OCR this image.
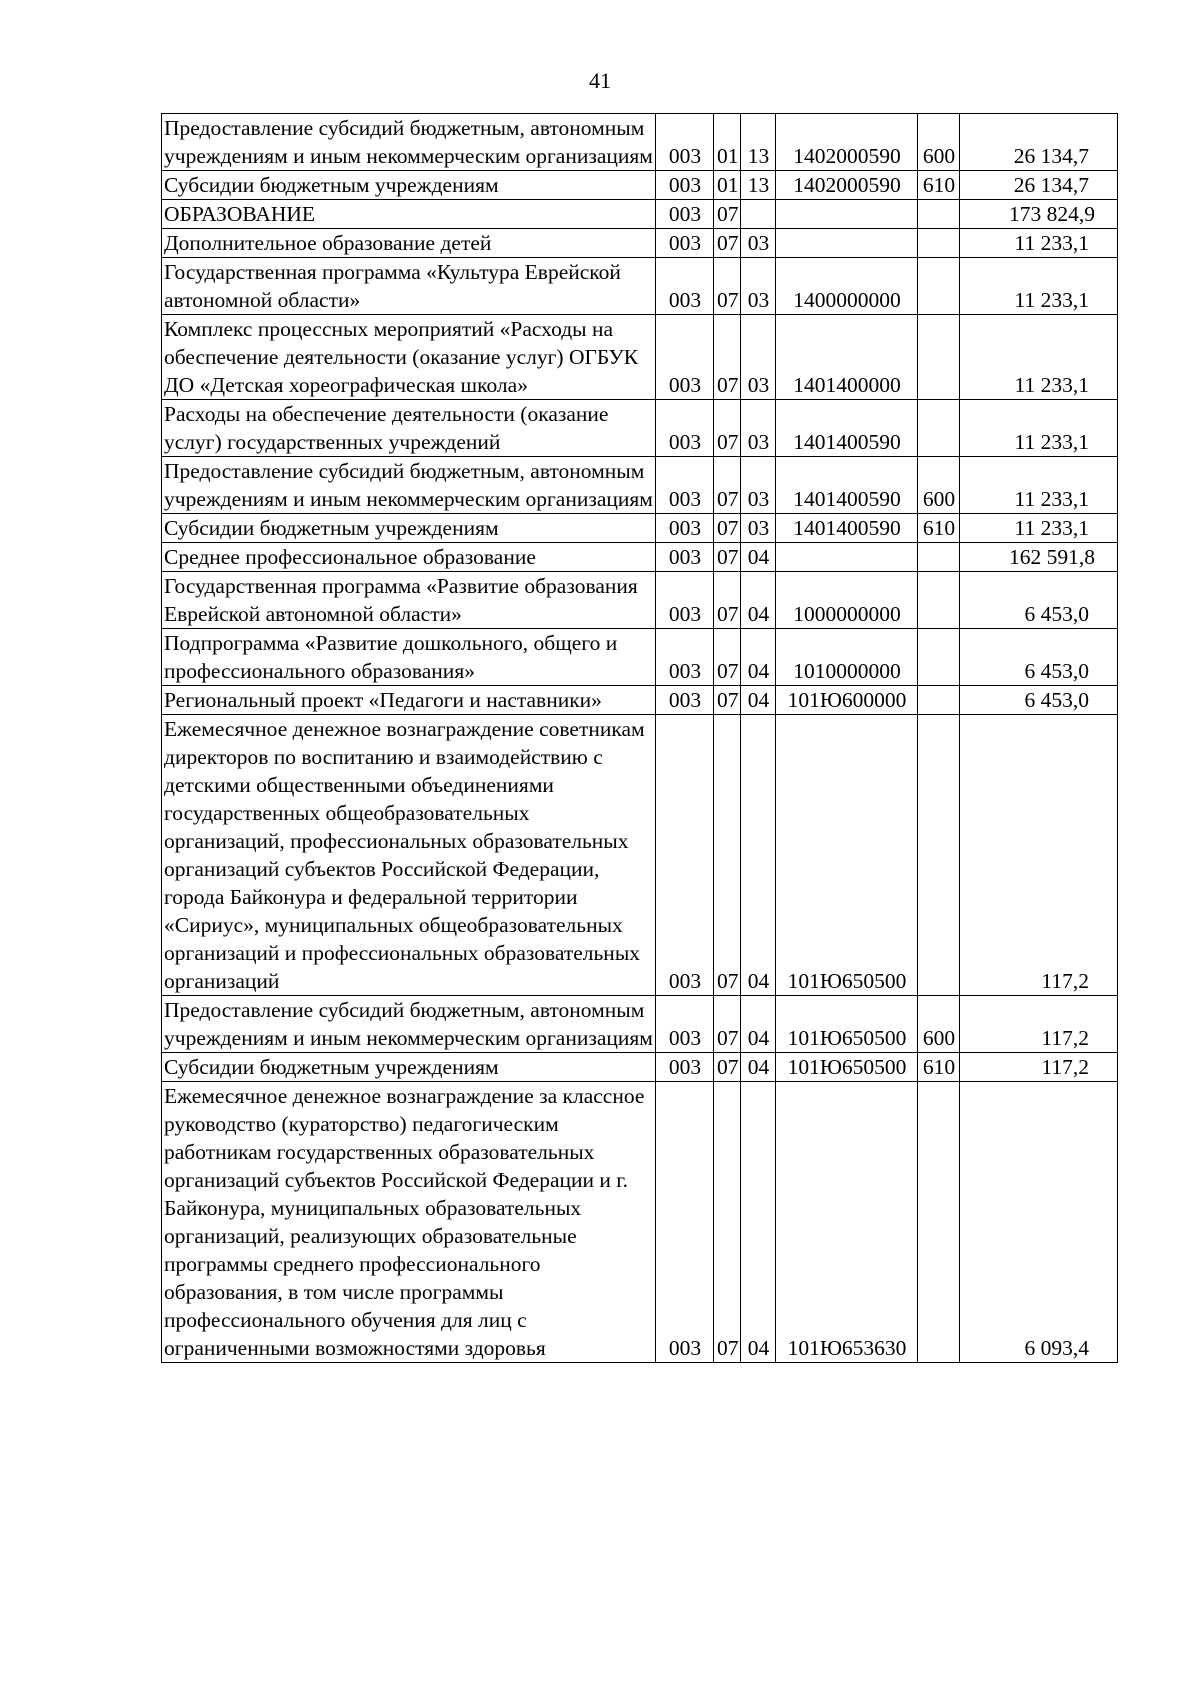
41
Предоставление субсидий бюджетным, автономным учреждениям и иным некоммерческим организациям	003	01	13	1402000590	600	26 134,7
Субсидии бюджетным учреждениям	003	01	13	1402000590	610	26 134,7
ОБРАЗОВАНИЕ	003	07				173 824,9
Дополнительное образование детей	003	07	03			11 233,1
Государственная программа «Культура Еврейской автономной области»	003	07	03	1400000000		11 233,1
Комплекс процессных мероприятий «Расходы на обеспечение деятельности (оказание услуг) ОГБУК ДО «Детская хореографическая школа»	003	07	03	1401400000		11 233,1
Расходы на обеспечение деятельности (оказание услуг) государственных учреждений	003	07	03	1401400590		11 233,1
Предоставление субсидий бюджетным, автономным учреждениям и иным некоммерческим организациям	003	07	03	1401400590	600	11 233,1
Субсидии бюджетным учреждениям	003	07	03	1401400590	610	11 233,1
Среднее профессиональное образование	003	07	04			162 591,8
Государственная программа «Развитие образования Еврейской автономной области»	003	07	04	1000000000		6 453,0
Подпрограмма «Развитие дошкольного, общего и профессионального образования»	003	07	04	1010000000		6 453,0
Региональный проект «Педагоги и наставники»	003	07	04	101Ю600000		6 453,0
Ежемесячное денежное вознаграждение советникам директоров по воспитанию и взаимодействию с детскими общественными объединениями государственных общеобразовательных организаций, профессиональных образовательных организаций субъектов Российской Федерации, города Байконура и федеральной территории «Сириус», муниципальных общеобразовательных организаций и профессиональных образовательных организаций	003	07	04	101Ю650500		117,2
Предоставление субсидий бюджетным, автономным учреждениям и иным некоммерческим организациям	003	07	04	101Ю650500	600	117,2
Субсидии бюджетным учреждениям	003	07	04	101Ю650500	610	117,2
Ежемесячное денежное вознаграждение за классное руководство (кураторство) педагогическим работникам государственных образовательных организаций субъектов Российской Федерации и г. Байконура, муниципальных образовательных организаций, реализующих образовательные программы среднего профессионального образования, в том числе программы профессионального обучения для лиц с ограниченными возможностями здоровья	003	07	04	101Ю653630		6 093,4
